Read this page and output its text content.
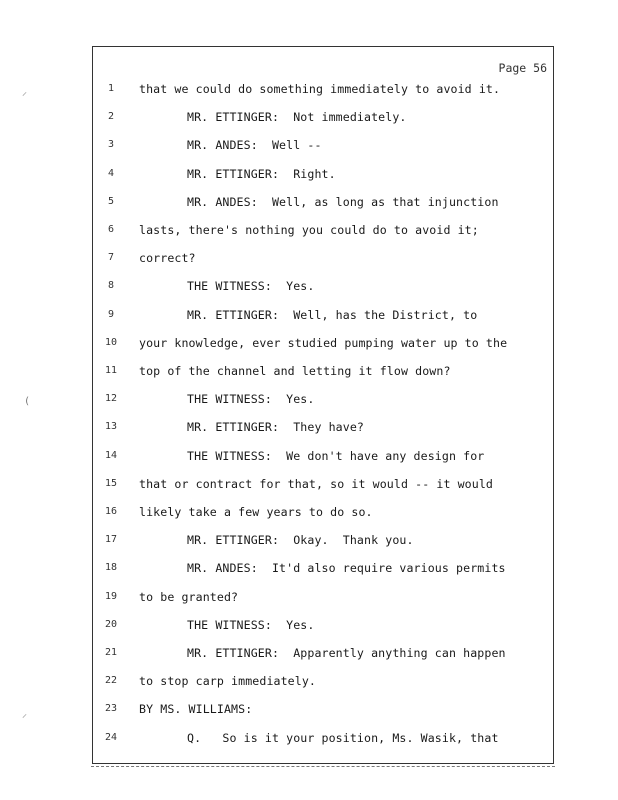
⸝
(
⸝
Page 56
1	that we could do something immediately to avoid it.
2	MR. ETTINGER:  Not immediately.
3	MR. ANDES:  Well --
4	MR. ETTINGER:  Right.
5	MR. ANDES:  Well, as long as that injunction
6	lasts, there's nothing you could do to avoid it;
7	correct?
8	THE WITNESS:  Yes.
9	MR. ETTINGER:  Well, has the District, to
10	your knowledge, ever studied pumping water up to the
11	top of the channel and letting it flow down?
12	THE WITNESS:  Yes.
13	MR. ETTINGER:  They have?
14	THE WITNESS:  We don't have any design for
15	that or contract for that, so it would -- it would
16	likely take a few years to do so.
17	MR. ETTINGER:  Okay.  Thank you.
18	MR. ANDES:  It'd also require various permits
19	to be granted?
20	THE WITNESS:  Yes.
21	MR. ETTINGER:  Apparently anything can happen
22	to stop carp immediately.
23	BY MS. WILLIAMS:
24	Q.   So is it your position, Ms. Wasik, that
